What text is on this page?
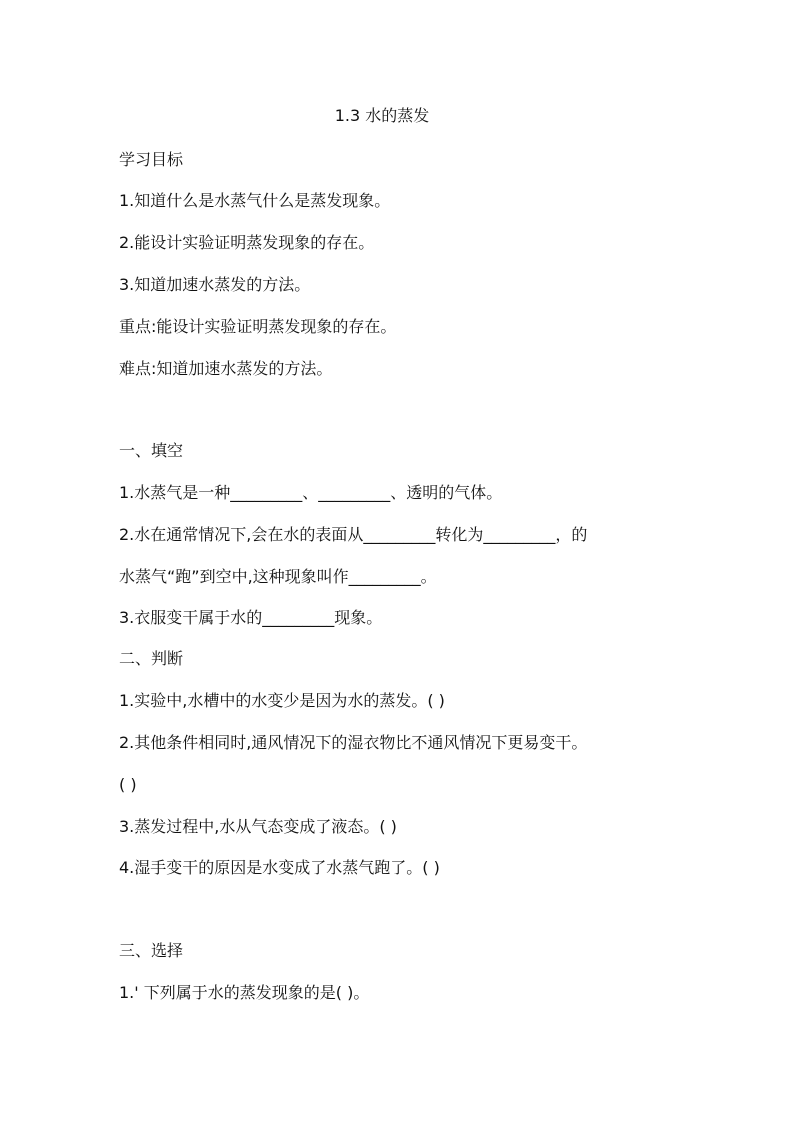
1.3 水的蒸发
学习目标
1.知道什么是水蒸气什么是蒸发现象。
2.能设计实验证明蒸发现象的存在。
3.知道加速水蒸发的方法。
重点:能设计实验证明蒸发现象的存在。
难点:知道加速水蒸发的方法。
一、填空
1.水蒸气是一种_________、_________、透明的气体。
2.水在通常情况下,会在水的表面从_________转化为_________，的
水蒸气“跑”到空中,这种现象叫作_________。
3.衣服变干属于水的_________现象。
二、判断
1.实验中,水槽中的水变少是因为水的蒸发。( )
2.其他条件相同时,通风情况下的湿衣物比不通风情况下更易变干。
( )
3.蒸发过程中,水从气态变成了液态。( )
4.湿手变干的原因是水变成了水蒸气跑了。( )
三、选择
1.' 下列属于水的蒸发现象的是( )。
